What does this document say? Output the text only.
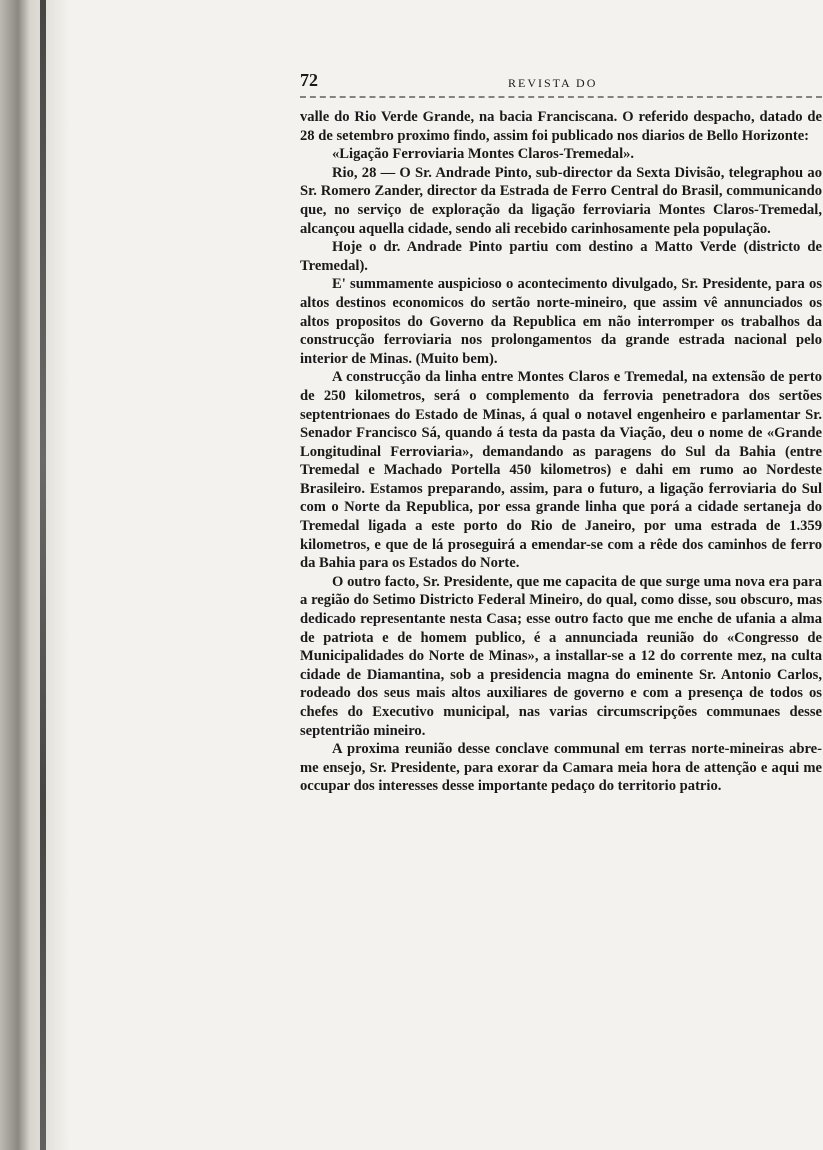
72	REVISTA DO

valle do Rio Verde Grande, na bacia Franciscana. O referido despacho, datado de 28 de setembro proximo findo, assim foi publicado nos diarios de Bello Horizonte:

«Ligação Ferroviaria Montes Claros-Tremedal».

Rio, 28 — O Sr. Andrade Pinto, sub-director da Sexta Divisão, telegraphou ao Sr. Romero Zander, director da Estrada de Ferro Central do Brasil, communicando que, no serviço de exploração da ligação ferroviaria Montes Claros-Tremedal, alcançou aquella cidade, sendo ali recebido carinhosamente pela população.

Hoje o dr. Andrade Pinto partiu com destino a Matto Verde (districto de Tremedal).

E' summamente auspicioso o acontecimento divulgado, Sr. Presidente, para os altos destinos economicos do sertão norte-mineiro, que assim vê annunciados os altos propositos do Governo da Republica em não interromper os trabalhos da construcção ferroviaria nos prolongamentos da grande estrada nacional pelo interior de Minas. (Muito bem).

A construcção da linha entre Montes Claros e Tremedal, na extensão de perto de 250 kilometros, será o complemento da ferrovia penetradora dos sertões septentrionaes do Estado de Minas, á qual o notavel engenheiro e parlamentar Sr. Senador Francisco Sá, quando á testa da pasta da Viação, deu o nome de «Grande Longitudinal Ferroviaria», demandando as paragens do Sul da Bahia (entre Tremedal e Machado Portella 450 kilometros) e dahi em rumo ao Nordeste Brasileiro. Estamos preparando, assim, para o futuro, a ligação ferroviaria do Sul com o Norte da Republica, por essa grande linha que porá a cidade sertaneja do Tremedal ligada a este porto do Rio de Janeiro, por uma estrada de 1.359 kilometros, e que de lá proseguirá a emendar-se com a rêde dos caminhos de ferro da Bahia para os Estados do Norte.

O outro facto, Sr. Presidente, que me capacita de que surge uma nova era para a região do Setimo Districto Federal Mineiro, do qual, como disse, sou obscuro, mas dedicado representante nesta Casa; esse outro facto que me enche de ufania a alma de patriota e de homem publico, é a annunciada reunião do «Congresso de Municipalidades do Norte de Minas», a installar-se a 12 do corrente mez, na culta cidade de Diamantina, sob a presidencia magna do eminente Sr. Antonio Carlos, rodeado dos seus mais altos auxiliares de governo e com a presença de todos os chefes do Executivo municipal, nas varias circumscripções communaes desse septentrião mineiro.

A proxima reunião desse conclave communal em terras norte-mineiras abre-me ensejo, Sr. Presidente, para exorar da Camara meia hora de attenção e aqui me occupar dos interesses desse importante pedaço do territorio patrio.
